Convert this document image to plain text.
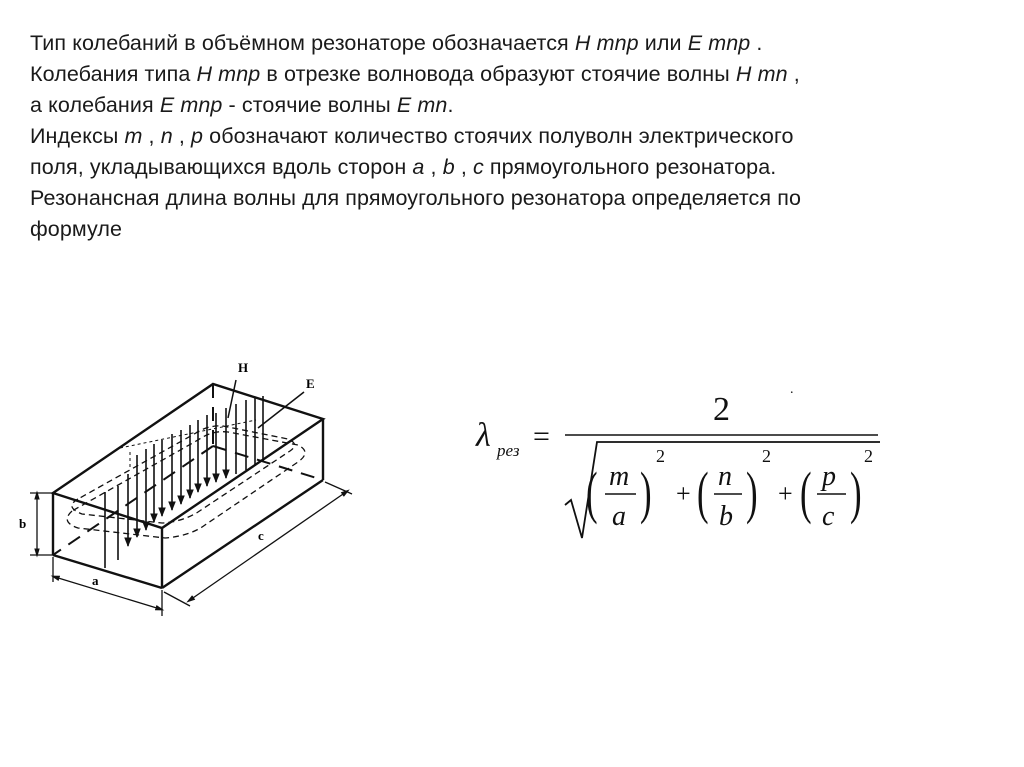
Тип колебаний в объёмном резонаторе обозначается H mnp или E mnp .

Колебания типа H mnp в отрезке волновода образуют стоячие волны H mn ,

а колебания E mnp - стоячие волны E mn.

Индексы m , n , p обозначают количество стоячих полуволн электрического

поля, укладывающихся вдоль сторон a , b , c прямоугольного резонатора.

Резонансная длина волны для прямоугольного резонатора определяется по

формуле

H
E
b
a
c
λ рез =
2
.
( m
a )
2
+ ( n
b )
2
+ ( p
c )
2
